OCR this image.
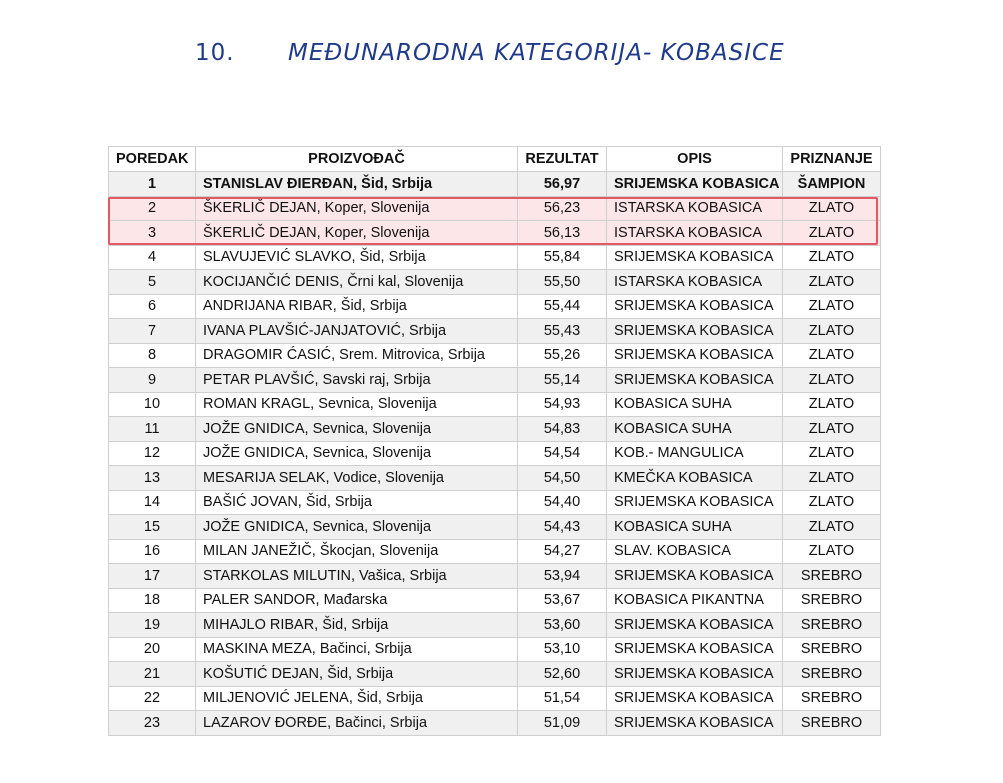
10. MEĐUNARODNA KATEGORIJA- KOBASICE
POREDAK	PROIZVOĐAČ	REZULTAT	OPIS	PRIZNANJE
1	STANISLAV ĐIERĐAN, Šid, Srbija	56,97	SRIJEMSKA KOBASICA	ŠAMPION
2	ŠKERLIČ DEJAN, Koper, Slovenija	56,23	ISTARSKA KOBASICA	ZLATO
3	ŠKERLIČ DEJAN, Koper, Slovenija	56,13	ISTARSKA KOBASICA	ZLATO
4	SLAVUJEVIĆ SLAVKO, Šid, Srbija	55,84	SRIJEMSKA KOBASICA	ZLATO
5	KOCIJANČIĆ DENIS, Črni kal, Slovenija	55,50	ISTARSKA KOBASICA	ZLATO
6	ANDRIJANA RIBAR, Šid, Srbija	55,44	SRIJEMSKA KOBASICA	ZLATO
7	IVANA PLAVŠIĆ-JANJATOVIĆ, Srbija	55,43	SRIJEMSKA KOBASICA	ZLATO
8	DRAGOMIR ĆASIĆ, Srem. Mitrovica, Srbija	55,26	SRIJEMSKA KOBASICA	ZLATO
9	PETAR PLAVŠIĆ, Savski raj, Srbija	55,14	SRIJEMSKA KOBASICA	ZLATO
10	ROMAN KRAGL, Sevnica, Slovenija	54,93	KOBASICA SUHA	ZLATO
11	JOŽE GNIDICA, Sevnica, Slovenija	54,83	KOBASICA SUHA	ZLATO
12	JOŽE GNIDICA, Sevnica, Slovenija	54,54	KOB.- MANGULICA	ZLATO
13	MESARIJA SELAK, Vodice, Slovenija	54,50	KMEČKA KOBASICA	ZLATO
14	BAŠIĆ JOVAN, Šid, Srbija	54,40	SRIJEMSKA KOBASICA	ZLATO
15	JOŽE GNIDICA, Sevnica, Slovenija	54,43	KOBASICA SUHA	ZLATO
16	MILAN JANEŽIČ, Škocjan, Slovenija	54,27	SLAV. KOBASICA	ZLATO
17	STARKOLAS MILUTIN, Vašica, Srbija	53,94	SRIJEMSKA KOBASICA	SREBRO
18	PALER SANDOR, Mađarska	53,67	KOBASICA PIKANTNA	SREBRO
19	MIHAJLO RIBAR, Šid, Srbija	53,60	SRIJEMSKA KOBASICA	SREBRO
20	MASKINA MEZA, Bačinci, Srbija	53,10	SRIJEMSKA KOBASICA	SREBRO
21	KOŠUTIĆ DEJAN, Šid, Srbija	52,60	SRIJEMSKA KOBASICA	SREBRO
22	MILJENOVIĆ JELENA, Šid, Srbija	51,54	SRIJEMSKA KOBASICA	SREBRO
23	LAZAROV ĐORĐE, Bačinci, Srbija	51,09	SRIJEMSKA KOBASICA	SREBRO
